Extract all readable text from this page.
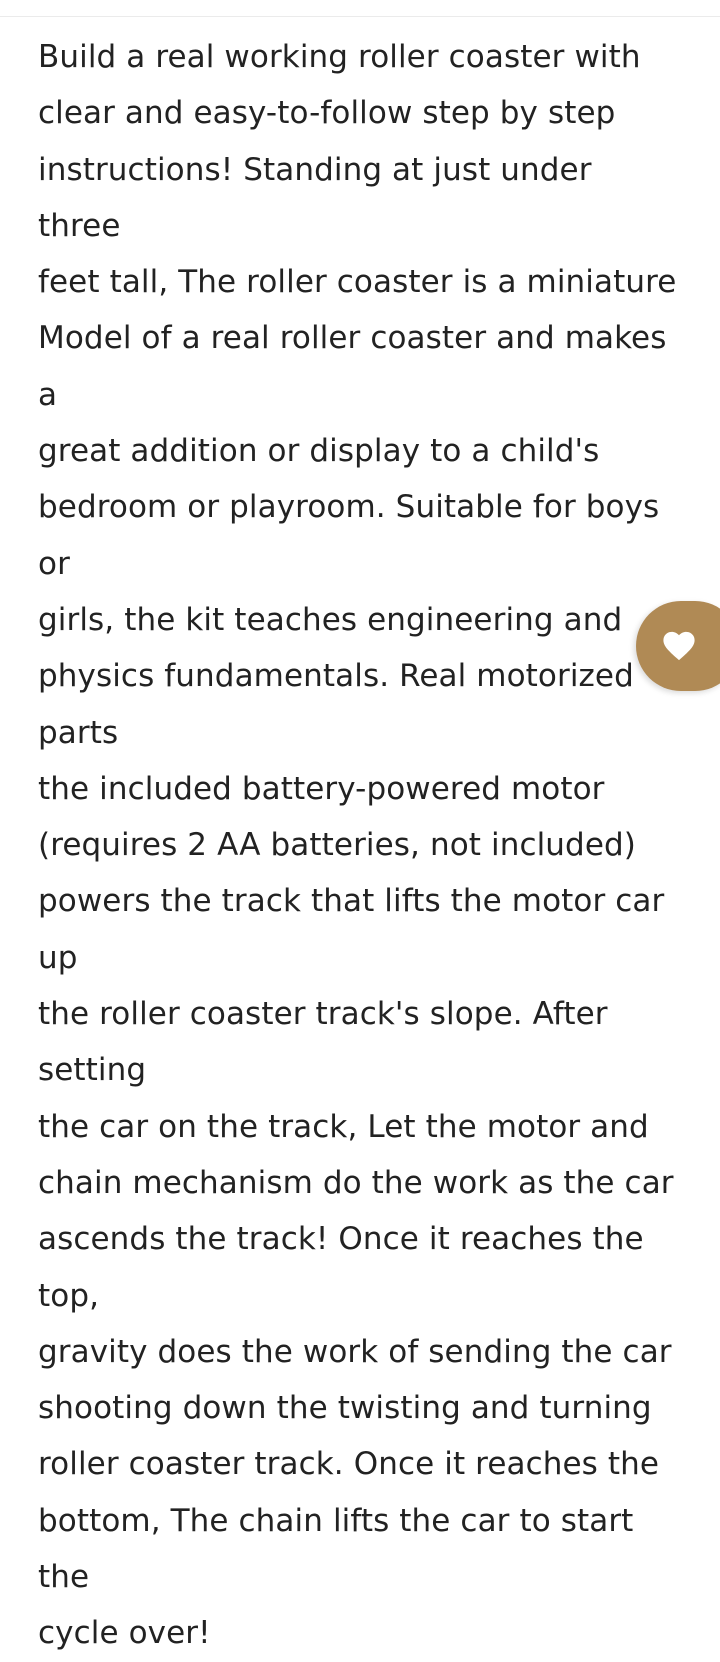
Build a real working roller coaster with
clear and easy-to-follow step by step
instructions! Standing at just under three
feet tall, The roller coaster is a miniature
Model of a real roller coaster and makes a
great addition or display to a child's
bedroom or playroom. Suitable for boys or
girls, the kit teaches engineering and
physics fundamentals. Real motorized parts
the included battery-powered motor
(requires 2 AA batteries, not included)
powers the track that lifts the motor car up
the roller coaster track's slope. After setting
the car on the track, Let the motor and
chain mechanism do the work as the car
ascends the track! Once it reaches the top,
gravity does the work of sending the car
shooting down the twisting and turning
roller coaster track. Once it reaches the
bottom, The chain lifts the car to start the
cycle over!
